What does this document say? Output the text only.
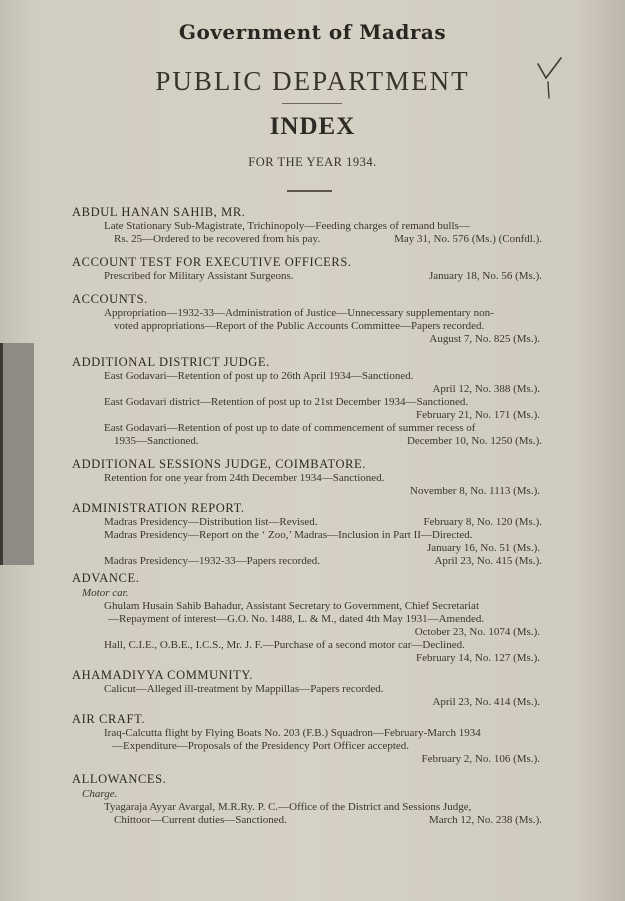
Government of Madras
PUBLIC DEPARTMENT
INDEX
FOR THE YEAR 1934.
ABDUL HANAN SAHIB, MR.
Late Stationary Sub-Magistrate, Trichinopoly—Feeding charges of remand bulls—
Rs. 25—Ordered to be recovered from his pay.	May 31, No. 576 (Ms.) (Confdl.).
ACCOUNT TEST FOR EXECUTIVE OFFICERS.
Prescribed for Military Assistant Surgeons.	January 18, No. 56 (Ms.).
ACCOUNTS.
Appropriation—1932-33—Administration of Justice—Unnecessary supplementary non-
voted appropriations—Report of the Public Accounts Committee—Papers recorded.
August 7, No. 825 (Ms.).
ADDITIONAL DISTRICT JUDGE.
East Godavari—Retention of post up to 26th April 1934—Sanctioned.
April 12, No. 388 (Ms.).
East Godavari district—Retention of post up to 21st December 1934—Sanctioned.
February 21, No. 171 (Ms.).
East Godavari—Retention of post up to date of commencement of summer recess of
1935—Sanctioned.	December 10, No. 1250 (Ms.).
ADDITIONAL SESSIONS JUDGE, COIMBATORE.
Retention for one year from 24th December 1934—Sanctioned.
November 8, No. 1113 (Ms.).
ADMINISTRATION REPORT.
Madras Presidency—Distribution list—Revised.	February 8, No. 120 (Ms.).
Madras Presidency—Report on the ‘ Zoo,’ Madras—Inclusion in Part II—Directed.
January 16, No. 51 (Ms.).
Madras Presidency—1932-33—Papers recorded.	April 23, No. 415 (Ms.).
ADVANCE.
Motor car.
Ghulam Husain Sahib Bahadur, Assistant Secretary to Government, Chief Secretariat
—Repayment of interest—G.O. No. 1488, L. & M., dated 4th May 1931—Amended.
October 23, No. 1074 (Ms.).
Hall, C.I.E., O.B.E., I.C.S., Mr. J. F.—Purchase of a second motor car—Declined.
February 14, No. 127 (Ms.).
AHAMADIYYA COMMUNITY.
Calicut—Alleged ill-treatment by Mappillas—Papers recorded.
April 23, No. 414 (Ms.).
AIR CRAFT.
Iraq-Calcutta flight by Flying Boats No. 203 (F.B.) Squadron—February-March 1934
—Expenditure—Proposals of the Presidency Port Officer accepted.
February 2, No. 106 (Ms.).
ALLOWANCES.
Charge.
Tyagaraja Ayyar Avargal, M.R.Ry. P. C.—Office of the District and Sessions Judge,
Chittoor—Current duties—Sanctioned.	March 12, No. 238 (Ms.).
